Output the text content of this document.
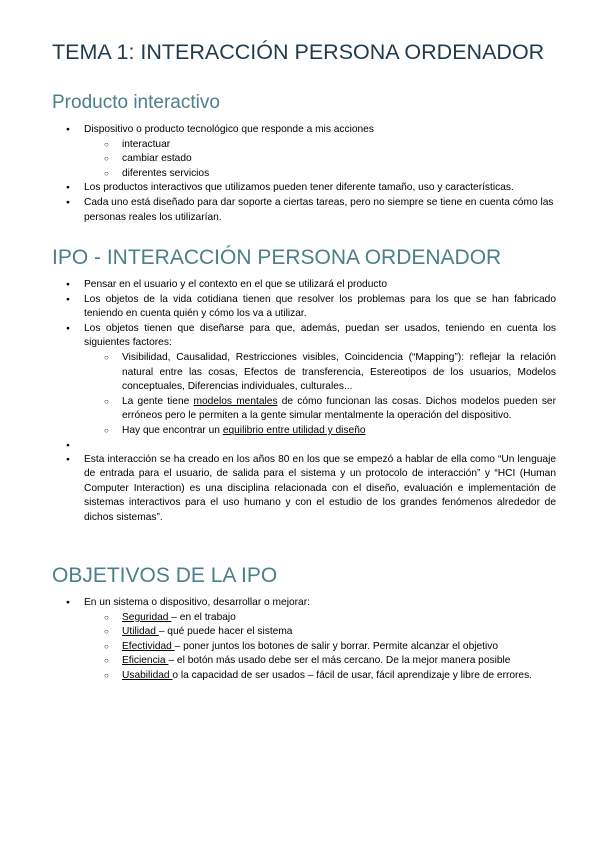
TEMA 1: INTERACCIÓN PERSONA ORDENADOR
Producto interactivo
● Dispositivo o producto tecnológico que responde a mis acciones
○ interactuar
○ cambiar estado
○ diferentes servicios
● Los productos interactivos que utilizamos pueden tener diferente tamaño, uso y características.
● Cada uno está diseñado para dar soporte a ciertas tareas, pero no siempre se tiene en cuenta cómo las personas reales los utilizarían.
IPO - INTERACCIÓN PERSONA ORDENADOR
● Pensar en el usuario y el contexto en el que se utilizará el producto
● Los objetos de la vida cotidiana tienen que resolver los problemas para los que se han fabricado teniendo en cuenta quién y cómo los va a utilizar.
● Los objetos tienen que diseñarse para que, además, puedan ser usados, teniendo en cuenta los siguientes factores:
○ Visibilidad, Causalidad, Restricciones visibles, Coincidencia (“Mapping”): reflejar la relación natural entre las cosas, Efectos de transferencia, Estereotipos de los usuarios, Modelos conceptuales, Diferencias individuales, culturales...
○ La gente tiene modelos mentales de cómo funcionan las cosas. Dichos modelos pueden ser erróneos pero le permiten a la gente simular mentalmente la operación del dispositivo.
○ Hay que encontrar un equilibrio entre utilidad y diseño
●
● Esta interacción se ha creado en los años 80 en los que se empezó a hablar de ella como “Un lenguaje de entrada para el usuario, de salida para el sistema y un protocolo de interacción” y “HCI (Human Computer Interaction) es una disciplina relacionada con el diseño, evaluación e implementación de sistemas interactivos para el uso humano y con el estudio de los grandes fenómenos alrededor de dichos sistemas”.
OBJETIVOS DE LA IPO
● En un sistema o dispositivo, desarrollar o mejorar:
○ Seguridad – en el trabajo
○ Utilidad – qué puede hacer el sistema
○ Efectividad – poner juntos los botones de salir y borrar. Permite alcanzar el objetivo
○ Eficiencia – el botón más usado debe ser el más cercano. De la mejor manera posible
○ Usabilidad o la capacidad de ser usados – fácil de usar, fácil aprendizaje y libre de errores.
